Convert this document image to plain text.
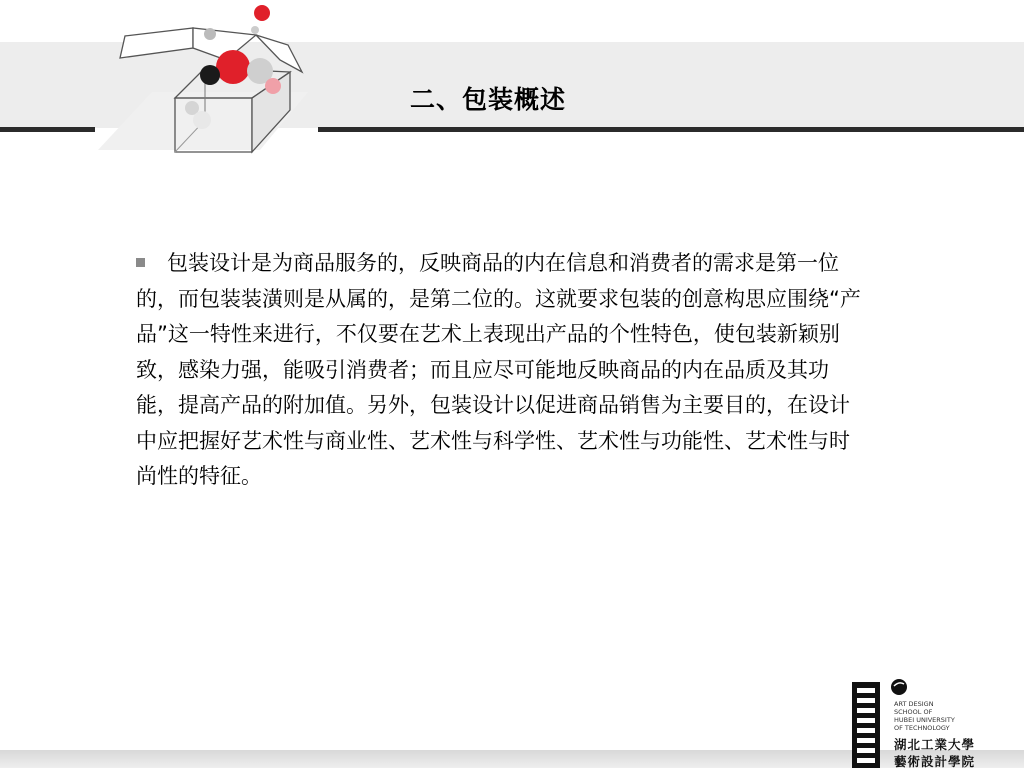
二、包装概述
包装设计是为商品服务的，反映商品的内在信息和消费者的需求是第一位的，而包装装潢则是从属的，是第二位的。这就要求包装的创意构思应围绕“产品”这一特性来进行，不仅要在艺术上表现出产品的个性特色，使包装新颖别致，感染力强，能吸引消费者；而且应尽可能地反映商品的内在品质及其功能，提高产品的附加值。另外，包装设计以促进商品销售为主要目的，在设计中应把握好艺术性与商业性、艺术性与科学性、艺术性与功能性、艺术性与时尚性的特征。
ART DESIGN
SCHOOL OF
HUBEI UNIVERSITY
OF TECHNOLOGY
湖北工業大學
藝術設計學院
